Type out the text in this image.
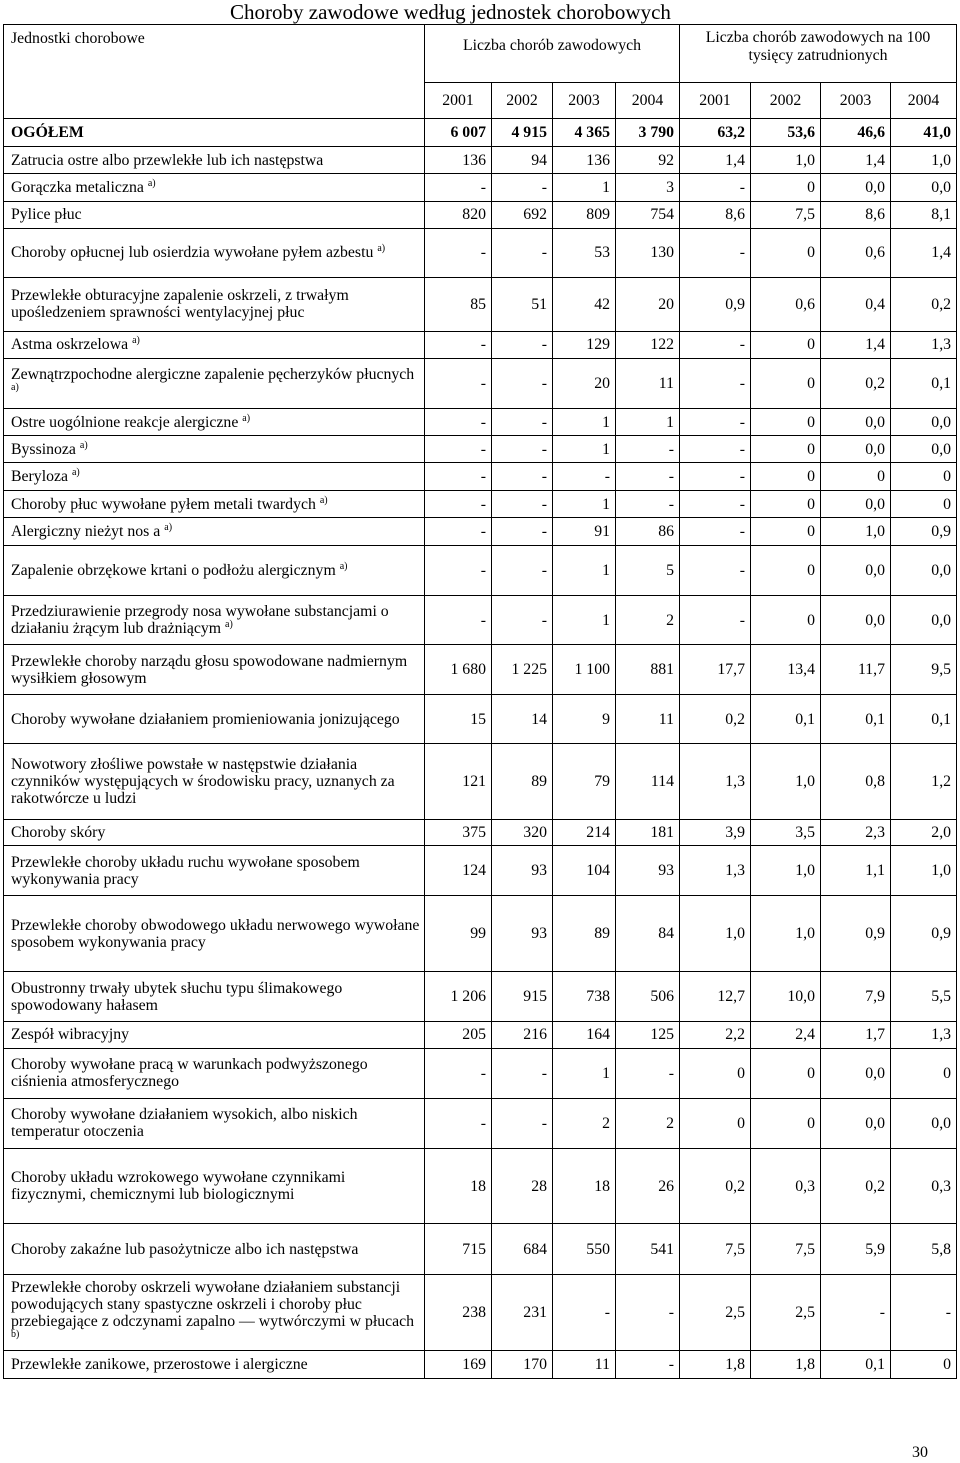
Choroby zawodowe według jednostek chorobowych
Jednostki chorobowe	Liczba chorób zawodowych				Liczba chorób zawodowych na 100 tysięcy zatrudnionych			
	2001	2002	2003	2004	2001	2002	2003	2004
OGÓŁEM	6 007	4 915	4 365	3 790	63,2	53,6	46,6	41,0
Zatrucia ostre albo przewlekłe lub ich następstwa	136	94	136	92	1,4	1,0	1,4	1,0
Gorączka metaliczna $^{a)}$	-	-	1	3	-	0	0,0	0,0
Pylice płuc	820	692	809	754	8,6	7,5	8,6	8,1
Choroby opłucnej lub osierdzia wywołane pyłem azbestu $^{a)}$	-	-	53	130	-	0	0,6	1,4
Przewlekłe obturacyjne zapalenie oskrzeli, z trwałym upośledzeniem sprawności wentylacyjnej płuc	85	51	42	20	0,9	0,6	0,4	0,2
Astma oskrzelowa $^{a)}$	-	-	129	122	-	0	1,4	1,3
Zewnątrzpochodne alergiczne zapalenie pęcherzyków płucnych $^{a)}$	-	-	20	11	-	0	0,2	0,1
Ostre uogólnione reakcje alergiczne $^{a)}$	-	-	1	1	-	0	0,0	0,0
Byssinoza $^{a)}$	-	-	1	-	-	0	0,0	0,0
Beryloza $^{a)}$	-	-	-	-	-	0	0	0
Choroby płuc wywołane pyłem metali twardych $^{a)}$	-	-	1	-	-	0	0,0	0
Alergiczny nieżyt nos a $^{a)}$	-	-	91	86	-	0	1,0	0,9
Zapalenie obrzękowe krtani o podłożu alergicznym $^{a)}$	-	-	1	5	-	0	0,0	0,0
Przedziurawienie przegrody nosa wywołane substancjami o działaniu żrącym lub drażniącym $^{a)}$	-	-	1	2	-	0	0,0	0,0
Przewlekłe choroby narządu głosu spowodowane nadmiernym wysiłkiem głosowym	1 680	1 225	1 100	881	17,7	13,4	11,7	9,5
Choroby wywołane działaniem promieniowania jonizującego	15	14	9	11	0,2	0,1	0,1	0,1
Nowotwory złośliwe powstałe w następstwie działania czynników występujących w środowisku pracy, uznanych za rakotwórcze u ludzi	121	89	79	114	1,3	1,0	0,8	1,2
Choroby skóry	375	320	214	181	3,9	3,5	2,3	2,0
Przewlekłe choroby układu ruchu wywołane sposobem wykonywania pracy	124	93	104	93	1,3	1,0	1,1	1,0
Przewlekłe choroby obwodowego układu nerwowego wywołane sposobem wykonywania pracy	99	93	89	84	1,0	1,0	0,9	0,9
Obustronny trwały ubytek słuchu typu ślimakowego spowodowany hałasem	1 206	915	738	506	12,7	10,0	7,9	5,5
Zespół wibracyjny	205	216	164	125	2,2	2,4	1,7	1,3
Choroby wywołane pracą w warunkach podwyższonego ciśnienia atmosferycznego	-	-	1	-	0	0	0,0	0
Choroby wywołane działaniem wysokich, albo niskich temperatur otoczenia	-	-	2	2	0	0	0,0	0,0
Choroby układu wzrokowego wywołane czynnikami fizycznymi, chemicznymi lub biologicznymi	18	28	18	26	0,2	0,3	0,2	0,3
Choroby zakaźne lub pasożytnicze albo ich następstwa	715	684	550	541	7,5	7,5	5,9	5,8
Przewlekłe choroby oskrzeli wywołane działaniem substancji powodujących stany spastyczne oskrzeli i choroby płuc przebiegające z odczynami zapalno — wytwórczymi w płucach $^{b)}$	238	231	-	-	2,5	2,5	-	-
Przewlekłe zanikowe, przerostowe i alergiczne	169	170	11	-	1,8	1,8	0,1	0
30
